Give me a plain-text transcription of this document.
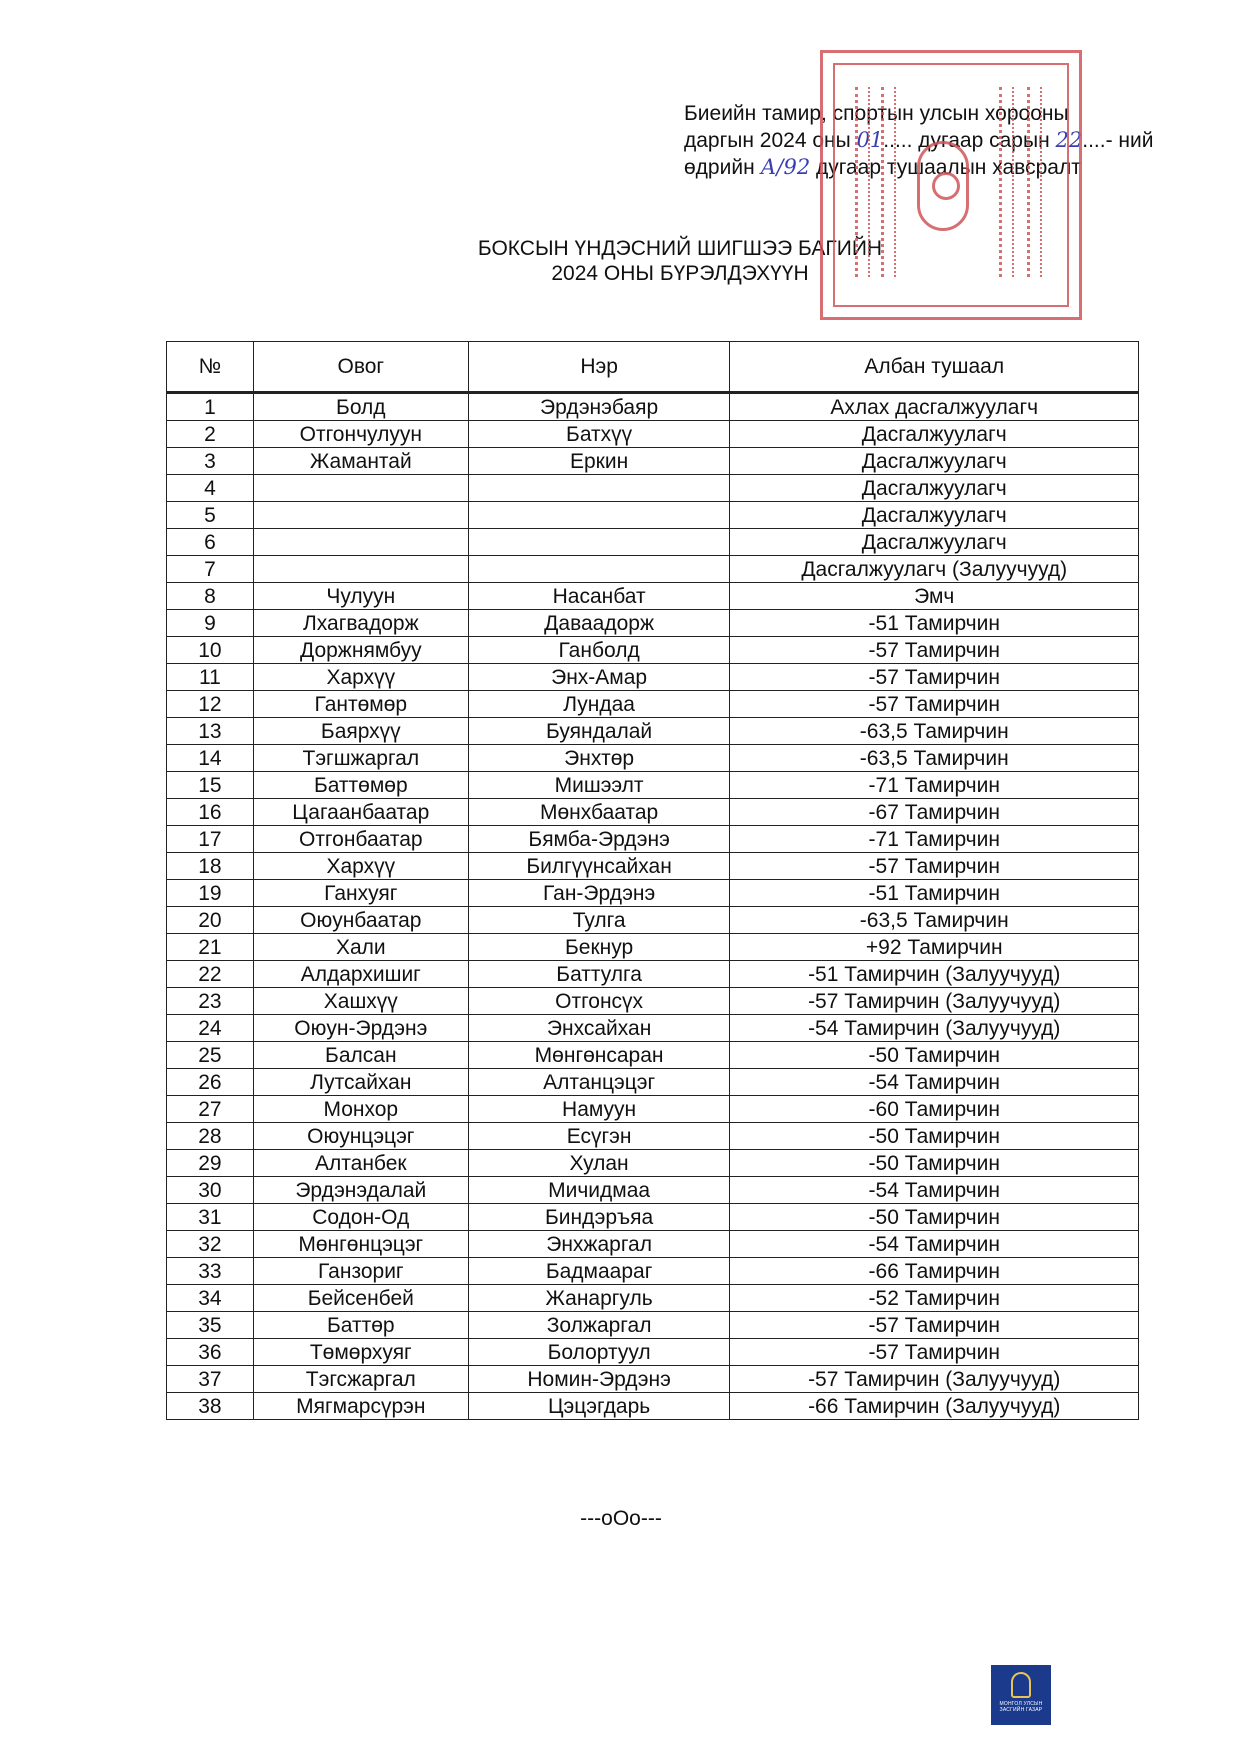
Биеийн тамир, спортын улсын хорооны
даргын 2024 оны 01..... дугаар сарын 22....- ний
өдрийн А/92 дугаар тушаалын хавсралт
БОКСЫН ҮНДЭСНИЙ ШИГШЭЭ БАГИЙН
2024 ОНЫ БҮРЭЛДЭХҮҮН
№	Овог	Нэр	Албан тушаал
1	Болд	Эрдэнэбаяр	Ахлах дасгалжуулагч
2	Отгончулуун	Батхүү	Дасгалжуулагч
3	Жамантай	Еркин	Дасгалжуулагч
4			Дасгалжуулагч
5			Дасгалжуулагч
6			Дасгалжуулагч
7			Дасгалжуулагч (Залуучууд)
8	Чулуун	Насанбат	Эмч
9	Лхагвадорж	Даваадорж	-51 Тамирчин
10	Доржнямбуу	Ганболд	-57 Тамирчин
11	Хархүү	Энх-Амар	-57 Тамирчин
12	Гантөмөр	Лундаа	-57 Тамирчин
13	Баярхүү	Буяндалай	-63,5 Тамирчин
14	Тэгшжаргал	Энхтөр	-63,5 Тамирчин
15	Баттөмөр	Мишээлт	-71 Тамирчин
16	Цагаанбаатар	Мөнхбаатар	-67 Тамирчин
17	Отгонбаатар	Бямба-Эрдэнэ	-71 Тамирчин
18	Хархүү	Билгүүнсайхан	-57 Тамирчин
19	Ганхуяг	Ган-Эрдэнэ	-51 Тамирчин
20	Оюунбаатар	Тулга	-63,5 Тамирчин
21	Хали	Бекнур	+92 Тамирчин
22	Алдархишиг	Баттулга	-51 Тамирчин (Залуучууд)
23	Хашхүү	Отгонсүх	-57 Тамирчин (Залуучууд)
24	Оюун-Эрдэнэ	Энхсайхан	-54 Тамирчин (Залуучууд)
25	Балсан	Мөнгөнсаран	-50 Тамирчин
26	Лутсайхан	Алтанцэцэг	-54 Тамирчин
27	Монхор	Намуун	-60 Тамирчин
28	Оюунцэцэг	Есүгэн	-50 Тамирчин
29	Алтанбек	Хулан	-50 Тамирчин
30	Эрдэнэдалай	Мичидмаа	-54 Тамирчин
31	Содон-Од	Биндэръяа	-50 Тамирчин
32	Мөнгөнцэцэг	Энхжаргал	-54 Тамирчин
33	Ганзориг	Бадмаараг	-66 Тамирчин
34	Бейсенбей	Жанаргуль	-52 Тамирчин
35	Баттөр	Золжаргал	-57 Тамирчин
36	Төмөрхуяг	Болортуул	-57 Тамирчин
37	Тэгсжаргал	Номин-Эрдэнэ	-57 Тамирчин (Залуучууд)
38	Мягмарсүрэн	Цэцэгдарь	-66 Тамирчин (Залуучууд)
---оОо---
МОНГОЛ УЛСЫН ЗАСГИЙН ГАЗАР
